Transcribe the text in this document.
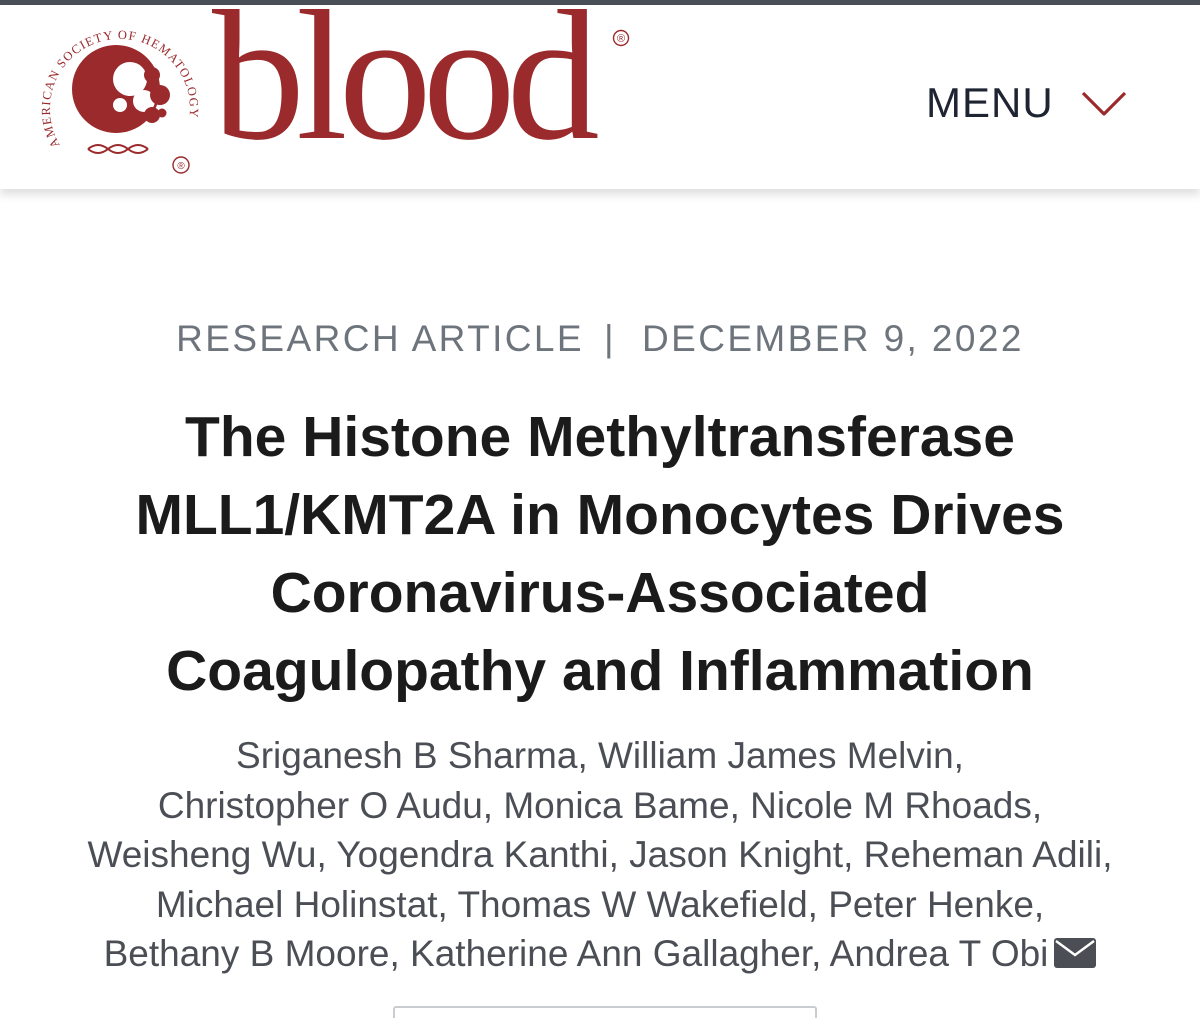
AMERICAN SOCIETY OF HEMATOLOGY
® blood ®
MENU
RESEARCH ARTICLE | DECEMBER 9, 2022
The Histone Methyltransferase
MLL1/KMT2A in Monocytes Drives
Coronavirus-Associated
Coagulopathy and Inflammation

Sriganesh B Sharma, William James Melvin,
Christopher O Audu, Monica Bame, Nicole M Rhoads,
Weisheng Wu, Yogendra Kanthi, Jason Knight, Reheman Adili,
Michael Holinstat, Thomas W Wakefield, Peter Henke,
Bethany B Moore, Katherine Ann Gallagher, Andrea T Obi
